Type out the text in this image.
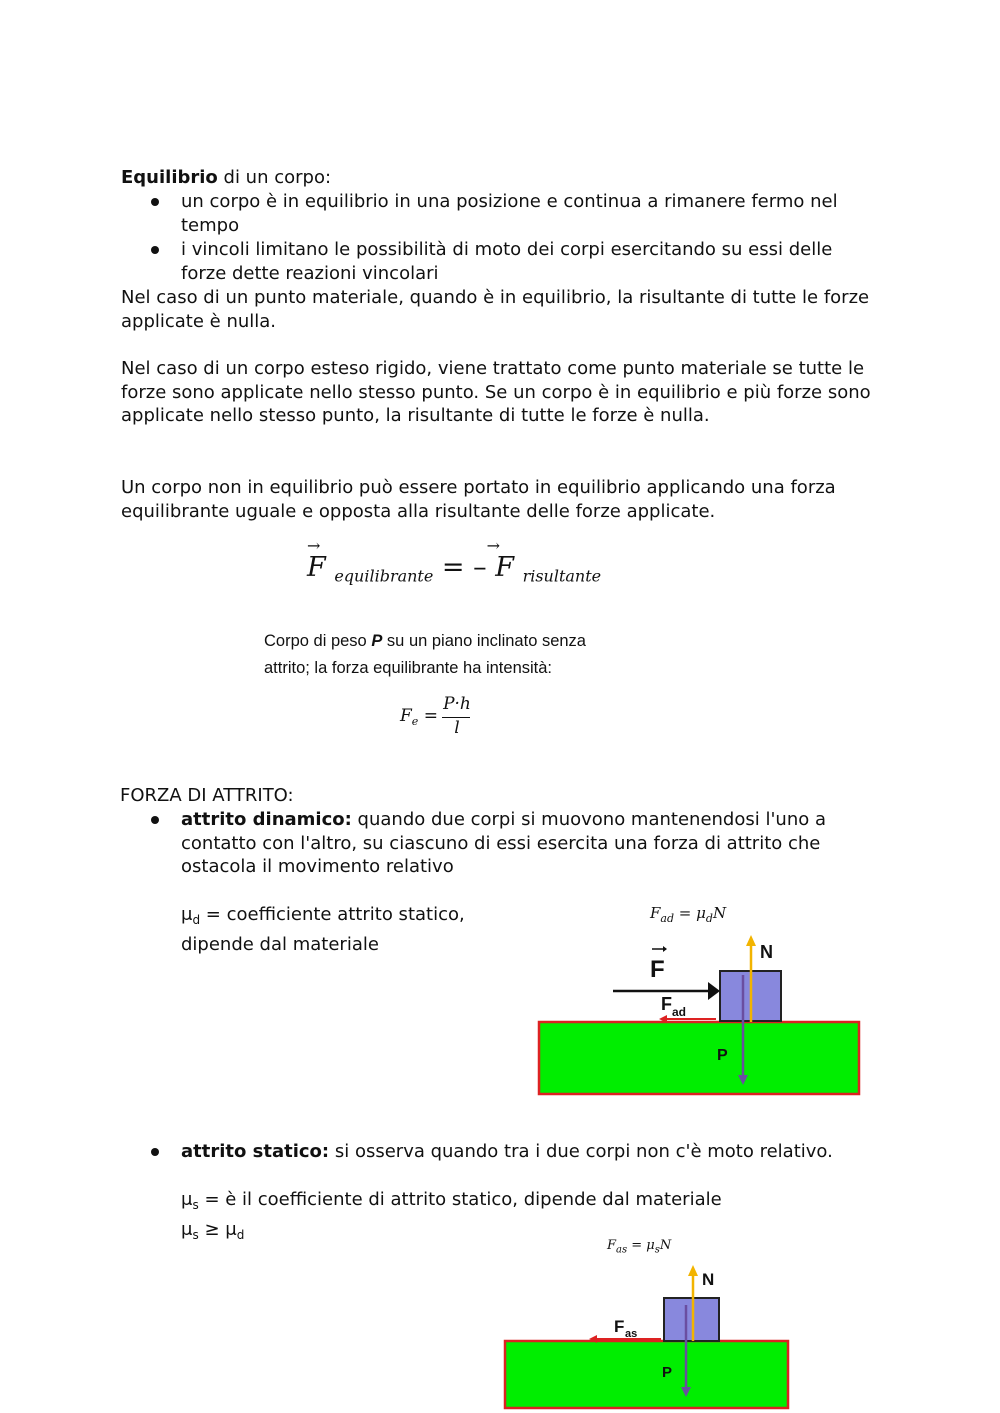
Equilibrio di un corpo:

un corpo è in equilibrio in una posizione e continua a rimanere fermo nel tempo

i vincoli limitano le possibilità di moto dei corpi esercitando su essi delle forze dette reazioni vincolari

Nel caso di un punto materiale, quando è in equilibrio, la risultante di tutte le forze applicate è nulla.

Nel caso di un corpo esteso rigido, viene trattato come punto materiale se tutte le forze sono applicate nello stesso punto. Se un corpo è in equilibrio e più forze sono applicate nello stesso punto, la risultante di tutte le forze è nulla.

Un corpo non in equilibrio può essere portato in equilibrio applicando una forza equilibrante uguale e opposta alla risultante delle forze applicate.

→
F $_{equilibrante}$ = –
→
F $_{risultante}$
Corpo di peso P su un piano inclinato senza
attrito; la forza equilibrante ha intensità:
$F_e$ =
P·h
l

FORZA DI ATTRITO:

attrito dinamico: quando due corpi si muovono mantenendosi l'uno a contatto con l'altro, su ciascuno di essi esercita una forza di attrito che ostacola il movimento relativo

$\mu_d$ = coefficiente attrito statico,
dipende dal materiale

$F_{ad} = \mu_dN$
N
F
F ad
P

attrito statico: si osserva quando tra i due corpi non c'è moto relativo.

$\mu_s$ = è il coefficiente di attrito statico, dipende dal materiale
$\mu_s \ge \mu_d$

$F_{as} = \mu_sN$
N
F as
P
